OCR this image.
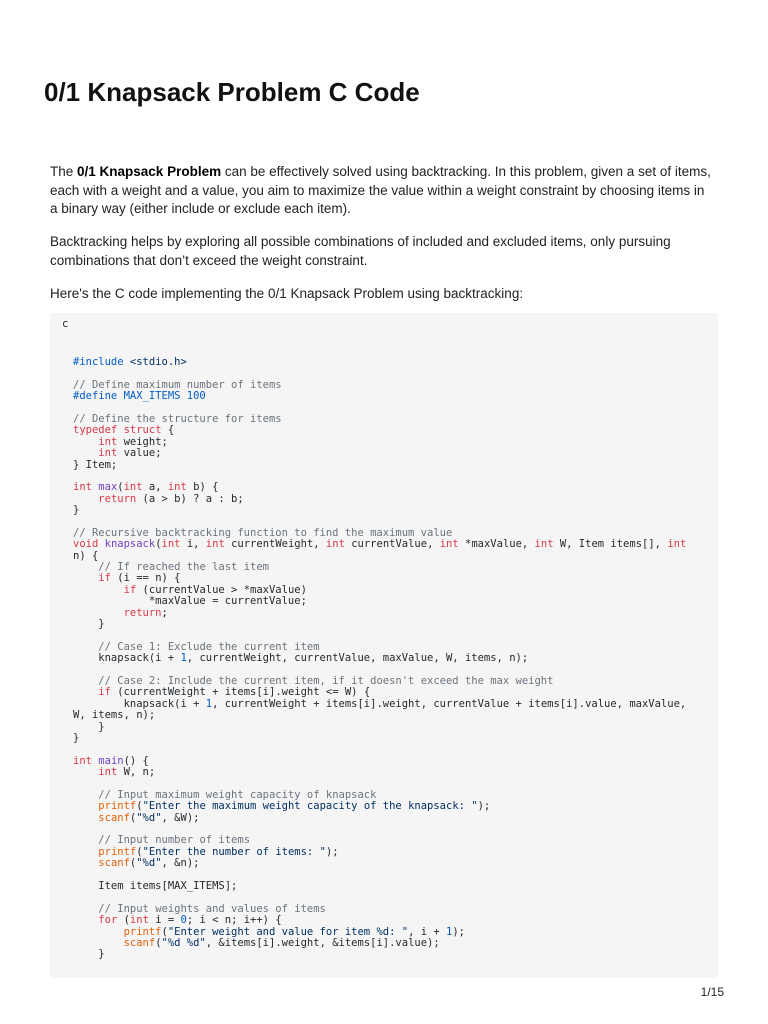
0/1 Knapsack Problem C Code

The 0/1 Knapsack Problem can be effectively solved using backtracking. In this problem, given a set of items,
each with a weight and a value, you aim to maximize the value within a weight constraint by choosing items in
a binary way (either include or exclude each item).

Backtracking helps by exploring all possible combinations of included and excluded items, only pursuing
combinations that don’t exceed the weight constraint.

Here's the C code implementing the 0/1 Knapsack Problem using backtracking:

c
#include <stdio.h>
// Define maximum number of items
#define MAX_ITEMS 100
// Define the structure for items
typedef struct {
int weight;
int value;
} Item;
int max(int a, int b) {
return (a > b) ? a : b;
}
// Recursive backtracking function to find the maximum value
void knapsack(int i, int currentWeight, int currentValue, int *maxValue, int W, Item items[], int
n) {
// If reached the last item
if (i == n) {
if (currentValue > *maxValue)
*maxValue = currentValue;
return;
}
// Case 1: Exclude the current item
knapsack(i + 1, currentWeight, currentValue, maxValue, W, items, n);
// Case 2: Include the current item, if it doesn't exceed the max weight
if (currentWeight + items[i].weight <= W) {
knapsack(i + 1, currentWeight + items[i].weight, currentValue + items[i].value, maxValue,
W, items, n);
}
}
int main() {
int W, n;
// Input maximum weight capacity of knapsack
printf("Enter the maximum weight capacity of the knapsack: ");
scanf("%d", &W);
// Input number of items
printf("Enter the number of items: ");
scanf("%d", &n);
Item items[MAX_ITEMS];
// Input weights and values of items
for (int i = 0; i < n; i++) {
printf("Enter weight and value for item %d: ", i + 1);
scanf("%d %d", &items[i].weight, &items[i].value);
}
1/15
